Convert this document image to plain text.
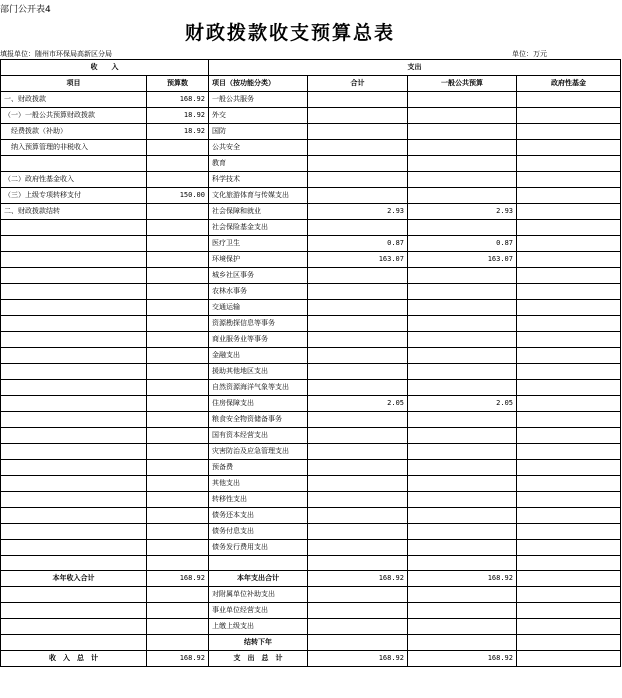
部门公开表4
财政拨款收支预算总表
填报单位：随州市环保局高新区分局	单位：万元
收　　入		支出			
项目	预算数	项目（按功能分类）	合计	一般公共预算	政府性基金
一、财政拨款	168.92	一般公共服务			
（一）一般公共预算财政拨款	18.92	外交			
　经费拨款（补助）	18.92	国防			
　纳入预算管理的非税收入		公共安全			
		教育			
（二）政府性基金收入		科学技术			
（三）上级专项转移支付	150.00	文化旅游体育与传媒支出			
二、财政拨款结转		社会保障和就业	2.93	2.93	
		社会保险基金支出			
		医疗卫生	0.87	0.87	
		环境保护	163.07	163.07	
		城乡社区事务			
		农林水事务			
		交通运输			
		资源勘探信息等事务			
		商业服务业等事务			
		金融支出			
		援助其他地区支出			
		自然资源海洋气象等支出			
		住房保障支出	2.05	2.05	
		粮食安全物资储备事务			
		国有资本经营支出			
		灾害防治及应急管理支出			
		预备费			
		其他支出			
		转移性支出			
		债务还本支出			
		债务付息支出			
		债务发行费用支出			

本年收入合计	168.92	本年支出合计	168.92	168.92	
		对附属单位补助支出			
		事业单位经营支出			
		上缴上级支出			
		结转下年			
收　入　总　计	168.92	支　出　总　计	168.92	168.92	
